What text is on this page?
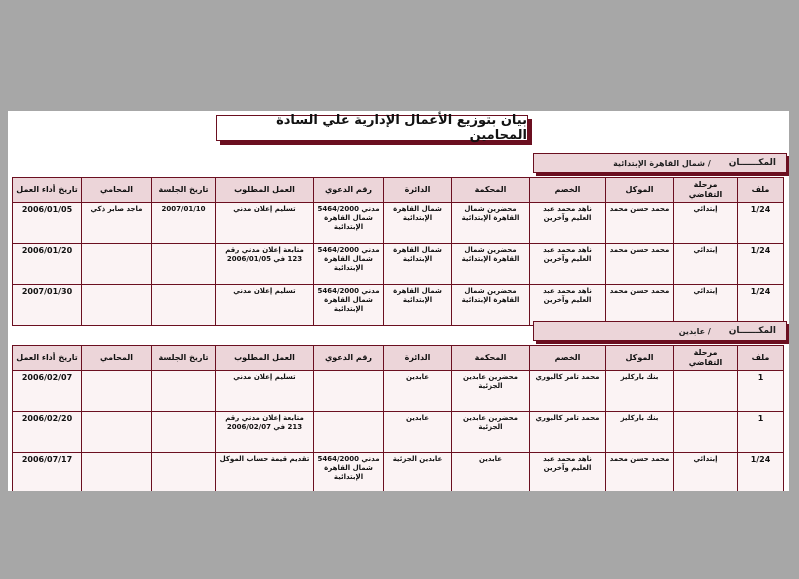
بيان بتوزيع الأعمال الإدارية علي السادة المحامين
المكــــــان
/ شمال القاهرة الإبتدائية
ملف	مرحلة التقاضي	الموكل	الخصم	المحكمة	الدائرة	رقم الدعوي	العمل المطلوب	تاريخ الجلسة	المحامي	تاريخ أداء العمل
1/24	إبتدائي	محمد حسن محمد	ناهد محمد عبد العليم وآخرين	محضرين شمال القاهرة الإبتدائية	شمال القاهرة الإبتدائية	مدني 5464/2000 شمال القاهرة الإبتدائية	تسليم إعلان مدني	2007/01/10	ماجد صابر ذكي	2006/01/05
1/24	إبتدائي	محمد حسن محمد	ناهد محمد عبد العليم وآخرين	محضرين شمال القاهرة الإبتدائية	شمال القاهرة الإبتدائية	مدني 5464/2000 شمال القاهرة الإبتدائية	متابعة إعلان مدني رقم 123 في 2006/01/05			2006/01/20
1/24	إبتدائي	محمد حسن محمد	ناهد محمد عبد العليم وآخرين	محضرين شمال القاهرة الإبتدائية	شمال القاهرة الإبتدائية	مدني 5464/2000 شمال القاهرة الإبتدائية	تسليم إعلان مدني			2007/01/30
المكــــــان
/ عابدين
ملف	مرحلة التقاضي	الموكل	الخصم	المحكمة	الدائرة	رقم الدعوي	العمل المطلوب	تاريخ الجلسة	المحامي	تاريخ أداء العمل
1		بنك باركليز	محمد تامر كالبوري	محضرين عابدين الجزئية	عابدين		تسليم إعلان مدني			2006/02/07
1		بنك باركليز	محمد تامر كالبوري	محضرين عابدين الجزئية	عابدين		متابعة إعلان مدني رقم 213 في 2006/02/07			2006/02/20
1/24	إبتدائي	محمد حسن محمد	ناهد محمد عبد العليم وآخرين	عابدين	عابدين الجزئية	مدني 5464/2000 شمال القاهرة الإبتدائية	تقديم قيمة حساب الموكل			2006/07/17
